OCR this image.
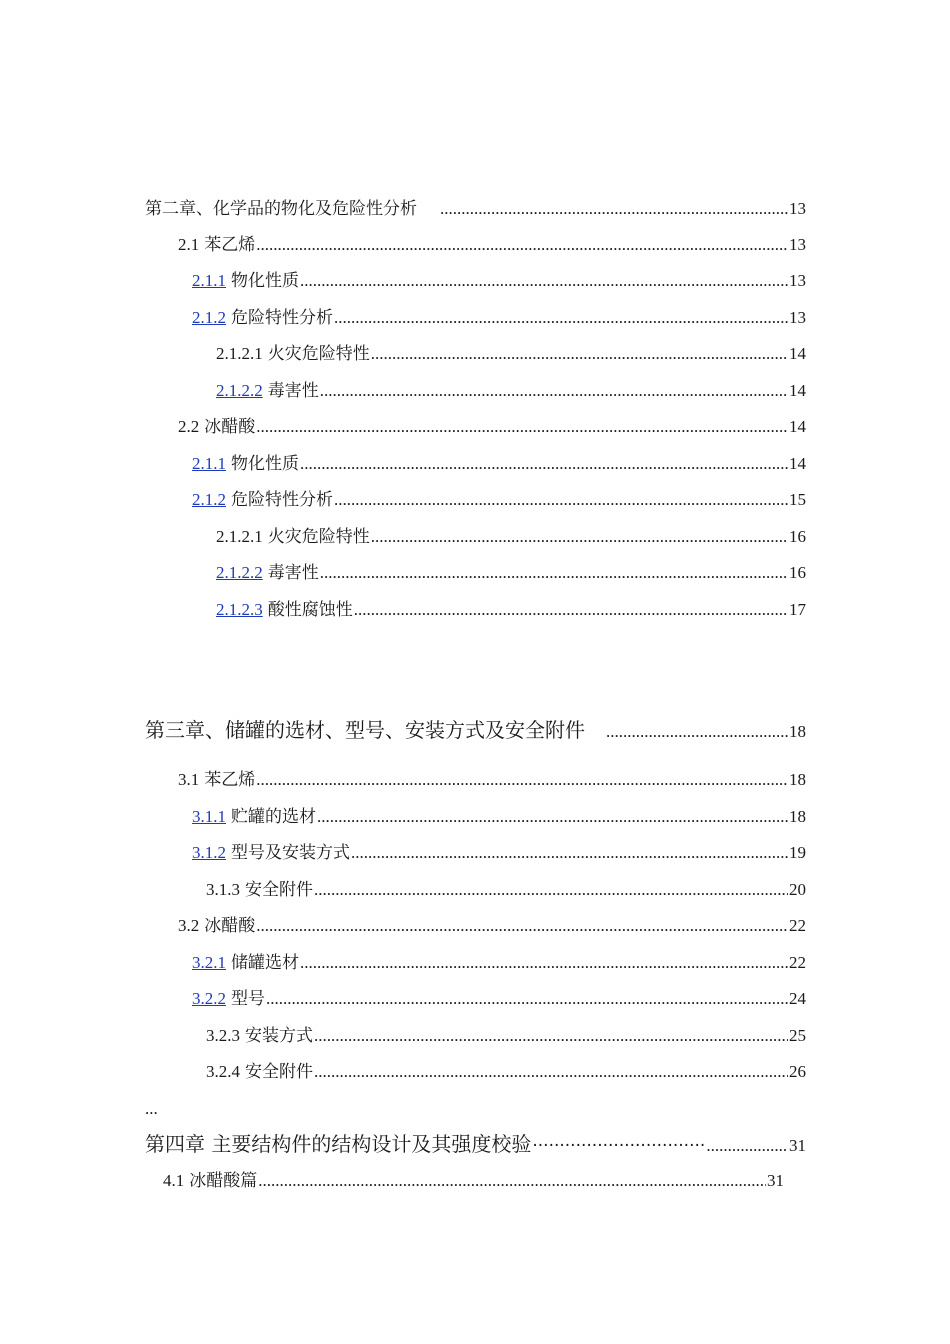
第二章、化学品的物化及危险性分析 .....	13
2.1 苯乙烯 .....	13
2.1.1 物化性质 .....	13
2.1.2 危险特性分析 .....	13
2.1.2.1 火灾危险特性 .....	14
2.1.2.2 毒害性 .....	14
2.2 冰醋酸 .....	14
2.1.1 物化性质 .....	14
2.1.2 危险特性分析 .....	15
2.1.2.1 火灾危险特性 .....	16
2.1.2.2 毒害性 .....	16
2.1.2.3 酸性腐蚀性 .....	17
第三章、储罐的选材、型号、安装方式及安全附件 .....	18
3.1 苯乙烯 .....	18
3.1.1 贮罐的选材 .....	18
3.1.2 型号及安装方式 .....	19
3.1.3 安全附件 .....	20
3.2 冰醋酸 .....	22
3.2.1 储罐选材 .....	22
3.2.2 型号 .....	24
3.2.3 安装方式 .....	25
3.2.4 安全附件 .....	26
...
第四章 主要结构件的结构设计及其强度校验 ····· .....	31
4.1 冰醋酸篇 .....	31
